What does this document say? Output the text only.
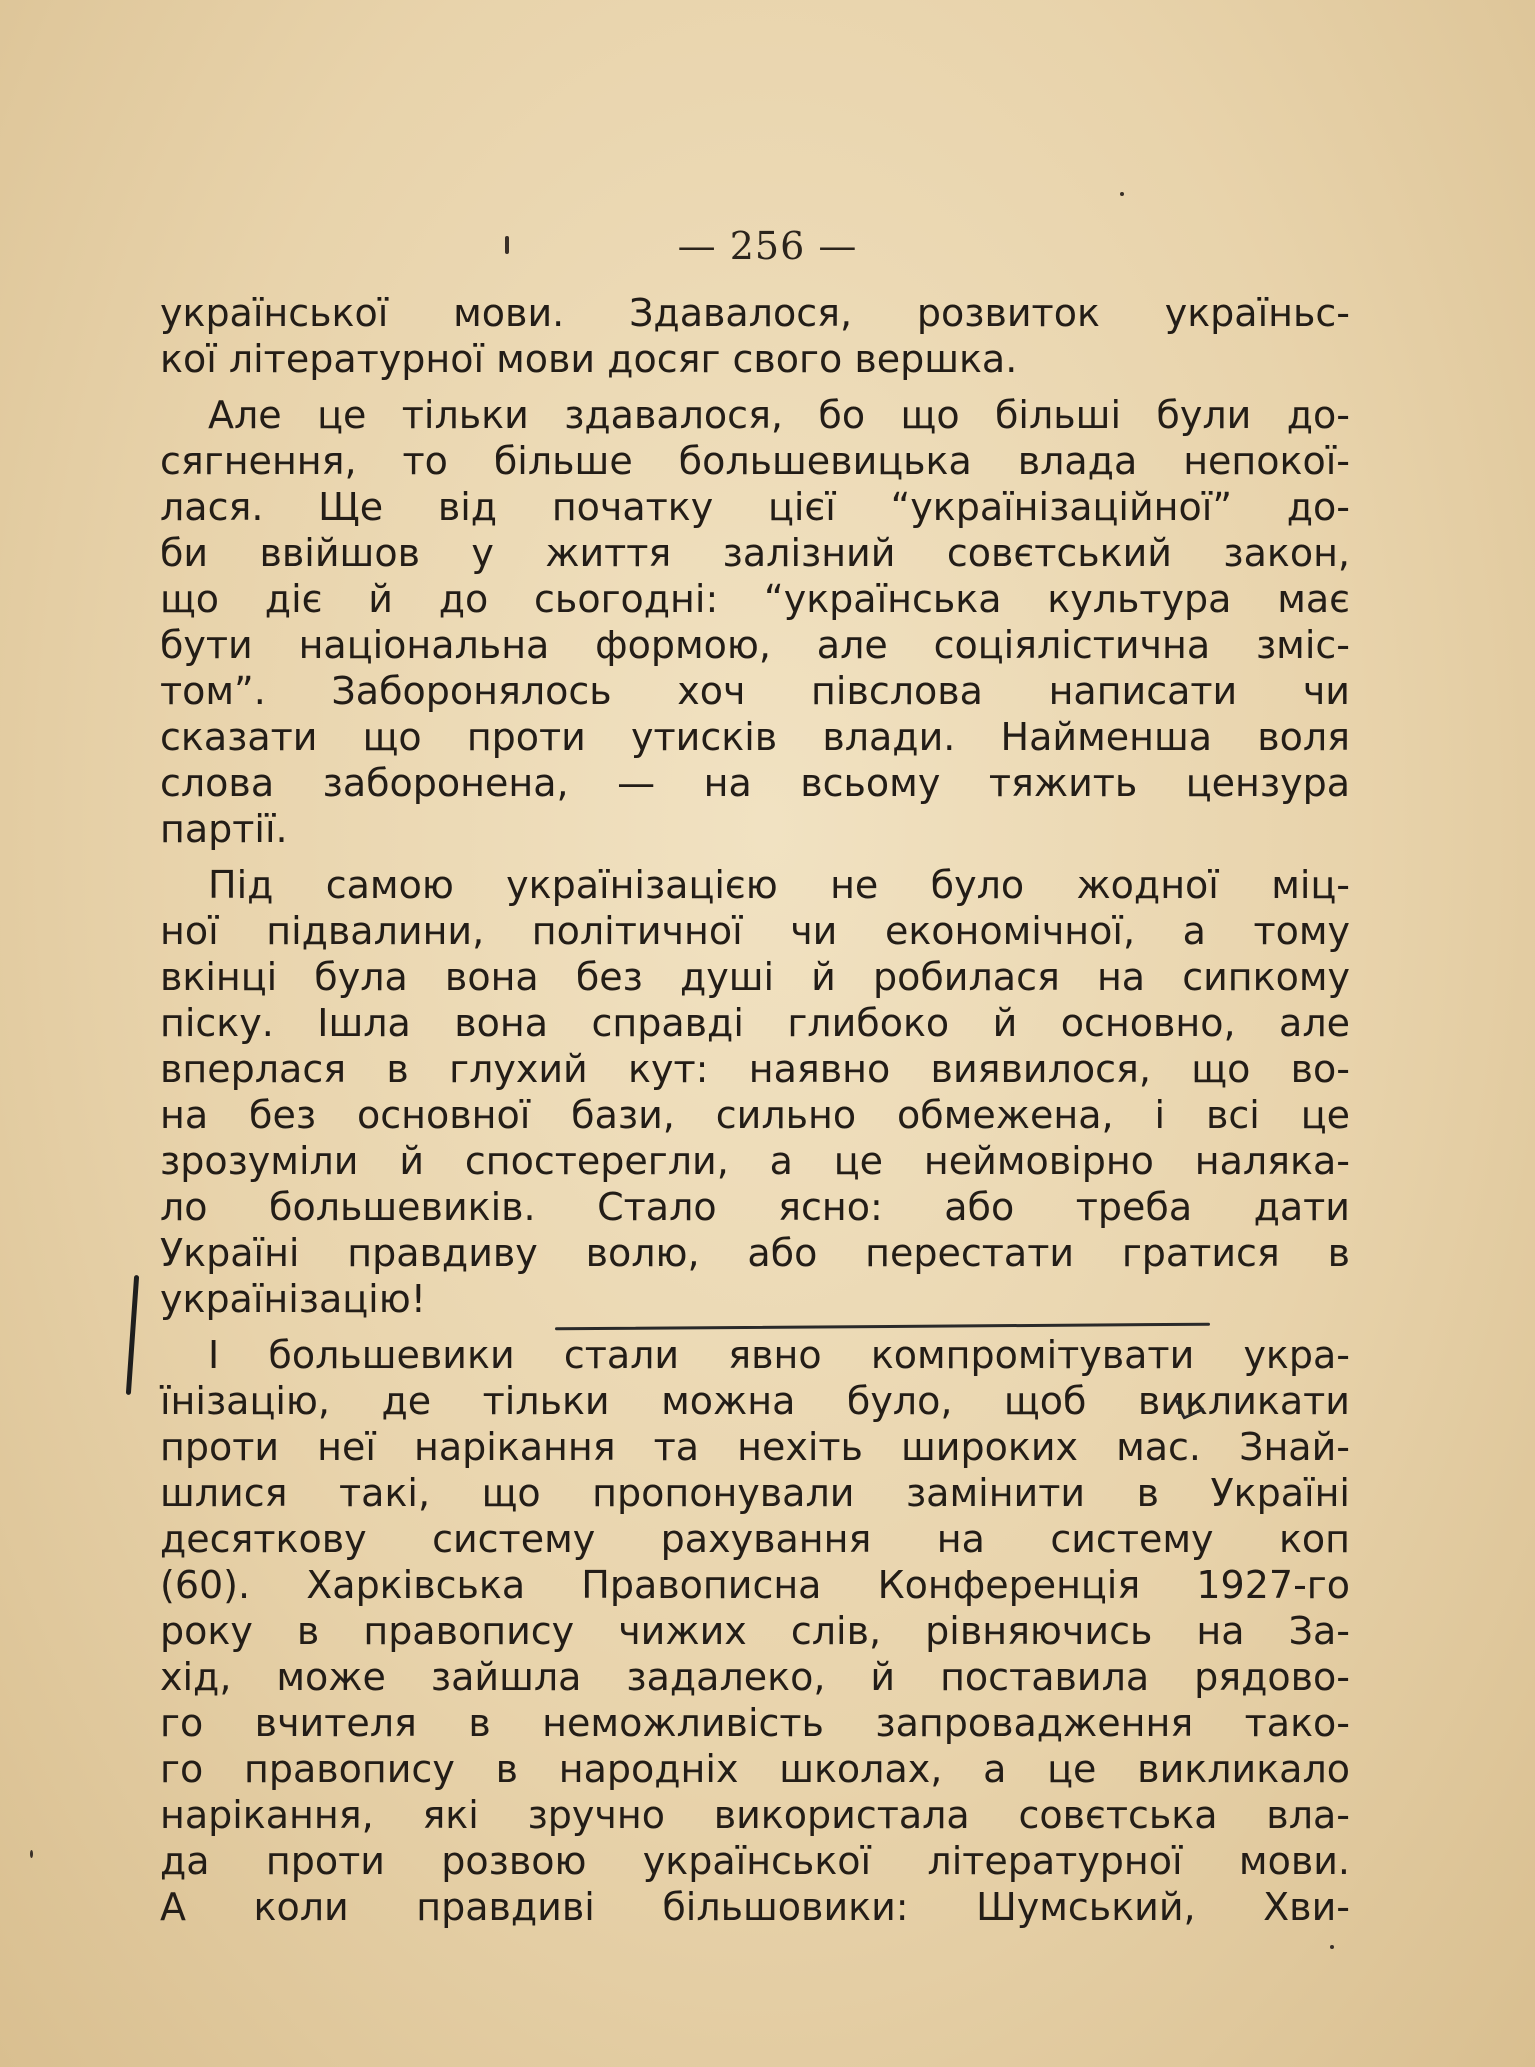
— 256 —
української мови. Здавалося, розвиток україньс-
кої літературної мови досяг свого вершка.
Але це тільки здавалося, бо що більші були до-
сягнення, то більше большевицька влада непокої-
лася. Ще від початку цієї “українізаційної” до-
би ввійшов у життя залізний совєтський закон,
що діє й до сьогодні: “українська культура має
бути національна формою, але соціялістична зміс-
том”. Заборонялось хоч півслова написати чи
сказати що проти утисків влади. Найменша воля
слова заборонена, — на всьому тяжить цензура
партії.
Під самою українізацією не було жодної міц-
ної підвалини, політичної чи економічної, а тому
вкінці була вона без душі й робилася на сипкому
піску. Ішла вона справді глибоко й основно, але
вперлася в глухий кут: наявно виявилося, що во-
на без основної бази, сильно обмежена, і всі це
зрозуміли й спостерегли, а це неймовірно наляка-
ло большевиків. Стало ясно: або треба дати
Україні правдиву волю, або перестати гратися в
українізацію!
І большевики стали явно компромітувати укра-
їнізацію, де тільки можна було, щоб викликати
проти неї нарікання та нехіть широких мас. Знай-
шлися такі, що пропонували замінити в Україні
десяткову систему рахування на систему коп
(60). Харківська Правописна Конференція 1927-го
року в правопису чижих слів, рівняючись на За-
хід, може зайшла задалеко, й поставила рядово-
го вчителя в неможливість запровадження тако-
го правопису в народніх школах, а це викликало
нарікання, які зручно використала совєтська вла-
да проти розвою української літературної мови.
А коли правдиві більшовики: Шумський, Хви-
